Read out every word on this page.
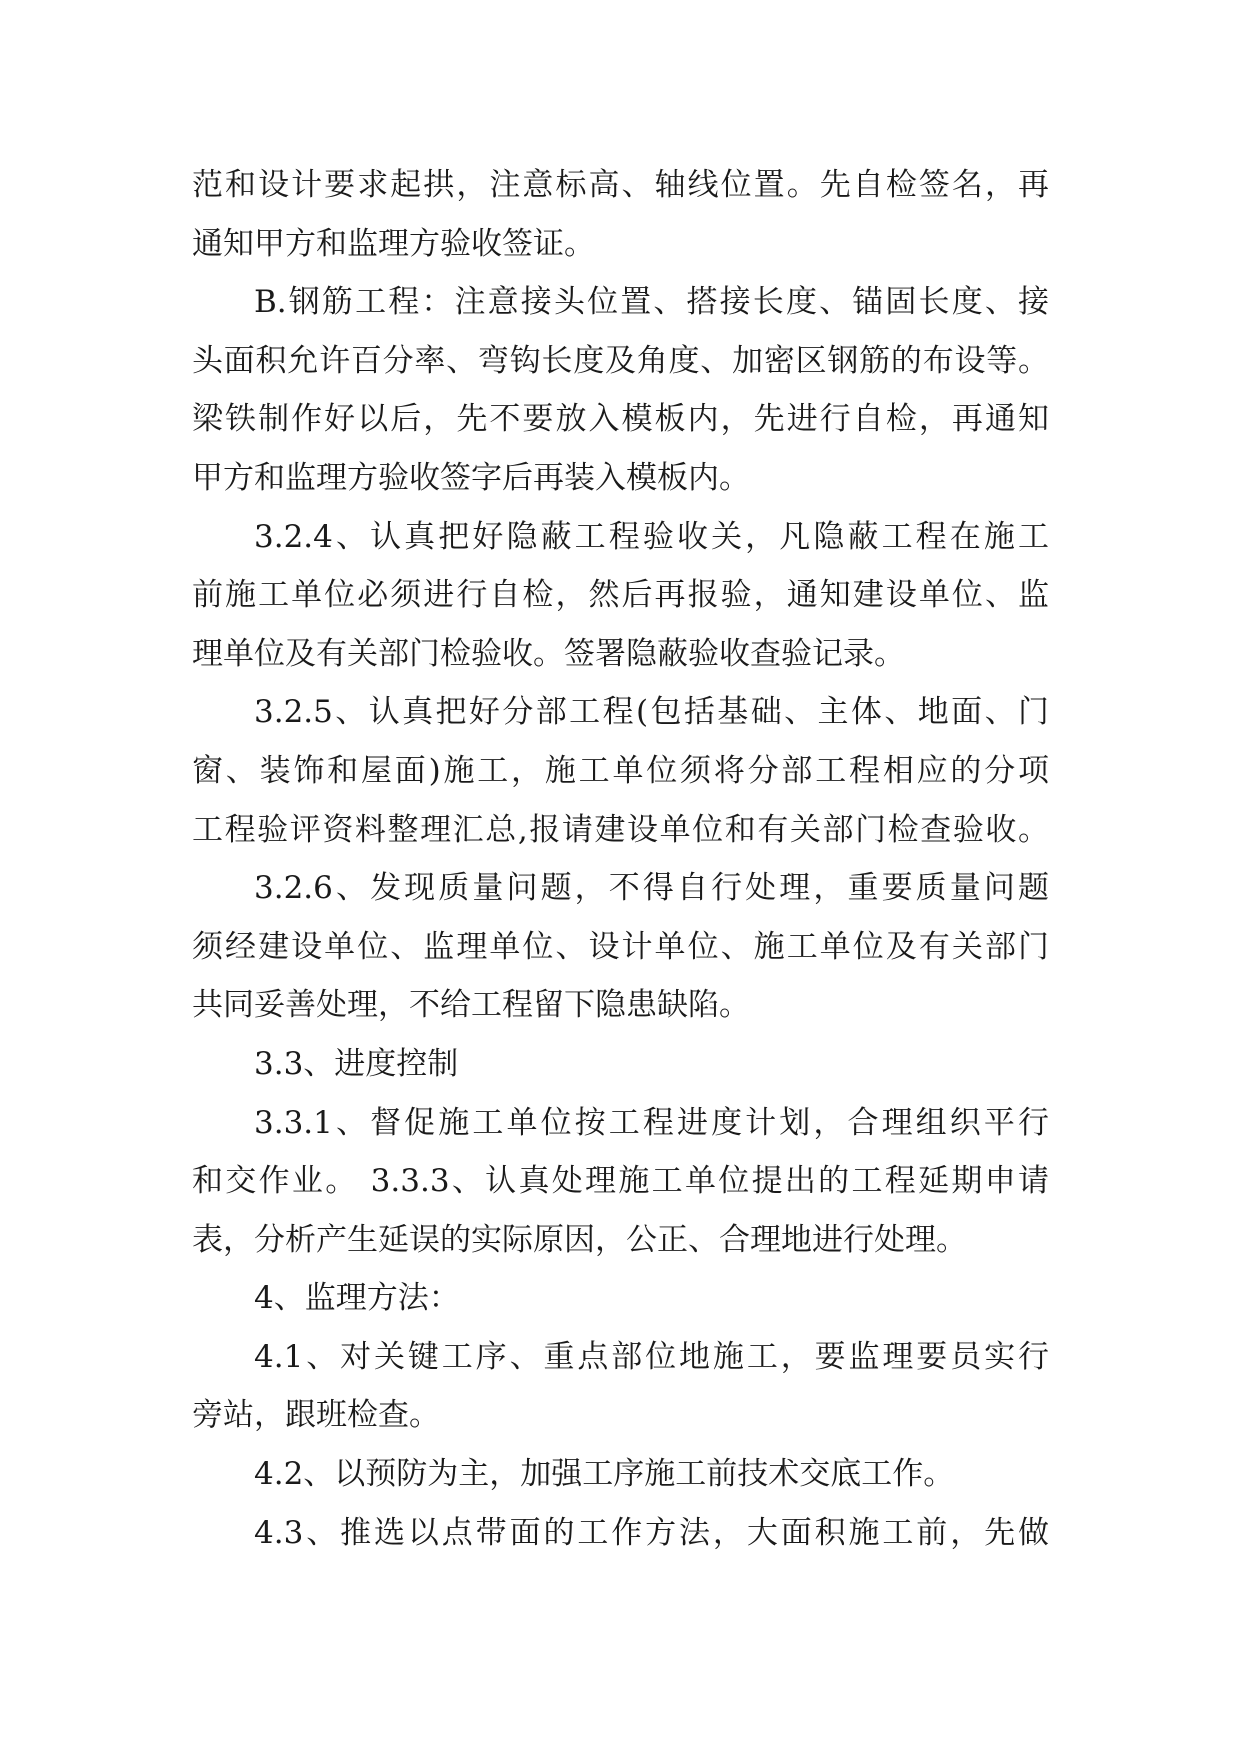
范和设计要求起拱，注意标高、轴线位置。先自检签名，再
通知甲方和监理方验收签证。
B.钢筋工程：注意接头位置、搭接长度、锚固长度、接
头面积允许百分率、弯钩长度及角度、加密区钢筋的布设等。
梁铁制作好以后，先不要放入模板内，先进行自检，再通知
甲方和监理方验收签字后再装入模板内。
3.2.4、认真把好隐蔽工程验收关，凡隐蔽工程在施工
前施工单位必须进行自检，然后再报验，通知建设单位、监
理单位及有关部门检验收。签署隐蔽验收查验记录。
3.2.5、认真把好分部工程(包括基础、主体、地面、门
窗、装饰和屋面)施工，施工单位须将分部工程相应的分项
工程验评资料整理汇总,报请建设单位和有关部门检查验收。
3.2.6、发现质量问题，不得自行处理，重要质量问题
须经建设单位、监理单位、设计单位、施工单位及有关部门
共同妥善处理，不给工程留下隐患缺陷。
3.3、进度控制
3.3.1、督促施工单位按工程进度计划，合理组织平行
和交作业。 3.3.3、认真处理施工单位提出的工程延期申请
表，分析产生延误的实际原因，公正、合理地进行处理。
4、监理方法：
4.1、对关键工序、重点部位地施工，要监理要员实行
旁站，跟班检查。
4.2、以预防为主，加强工序施工前技术交底工作。
4.3、推选以点带面的工作方法，大面积施工前，先做
